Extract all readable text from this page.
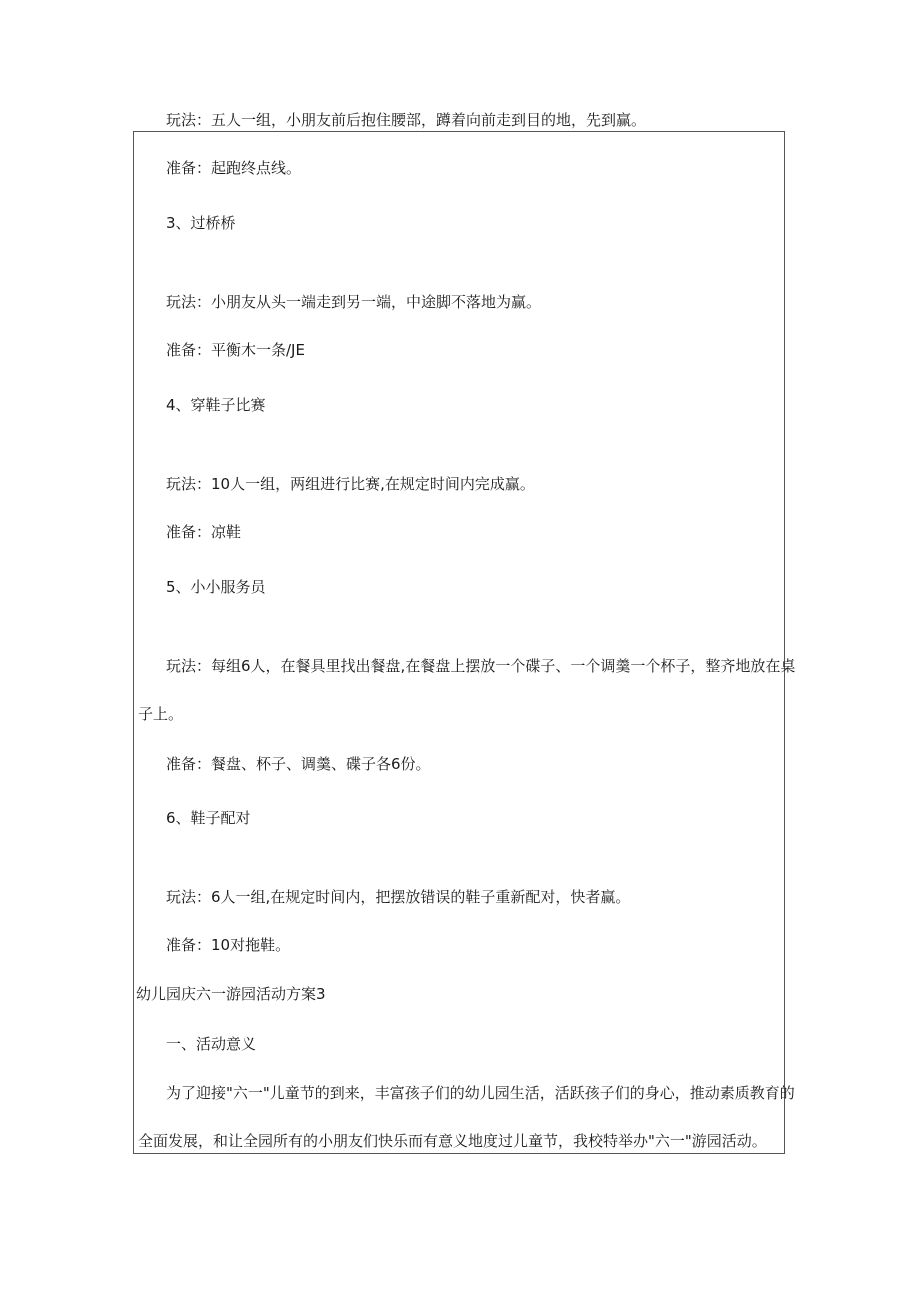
玩法：五人一组，小朋友前后抱住腰部，蹲着向前走到目的地，先到赢。
准备：起跑终点线。
3、过桥桥
玩法：小朋友从头一端走到另一端，中途脚不落地为赢。
准备：平衡木一条/JE
4、穿鞋子比赛
玩法：10人一组，两组进行比赛,在规定时间内完成赢。
准备：凉鞋
5、小小服务员
玩法：每组6人，在餐具里找出餐盘,在餐盘上摆放一个碟子、一个调羹一个杯子，整齐地放在桌
子上。
准备：餐盘、杯子、调羹、碟子各6份。
6、鞋子配对
玩法：6人一组,在规定时间内，把摆放错误的鞋子重新配对，快者赢。
准备：10对拖鞋。
幼儿园庆六一游园活动方案3
一、活动意义
为了迎接"六一"儿童节的到来，丰富孩子们的幼儿园生活，活跃孩子们的身心，推动素质教育的
全面发展，和让全园所有的小朋友们快乐而有意义地度过儿童节，我校特举办"六一"游园活动。
